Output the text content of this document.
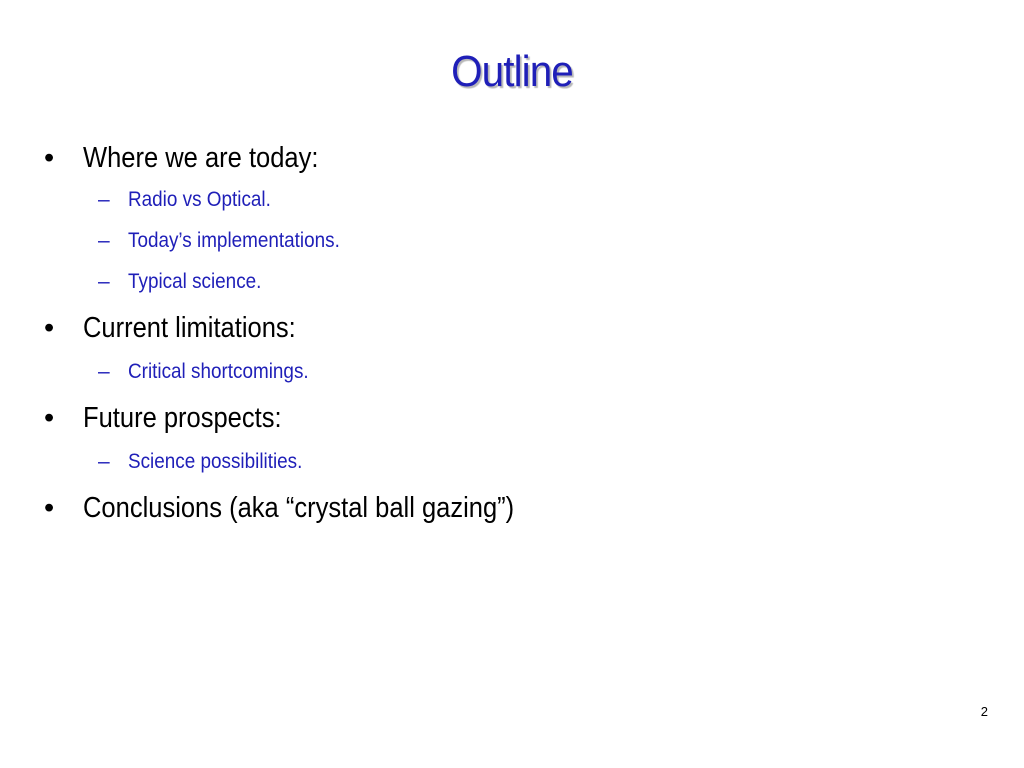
Outline
• Where we are today:
– Radio vs Optical.
– Today’s implementations.
– Typical science.
• Current limitations:
– Critical shortcomings.
• Future prospects:
– Science possibilities.
• Conclusions (aka “crystal ball gazing”)
2
